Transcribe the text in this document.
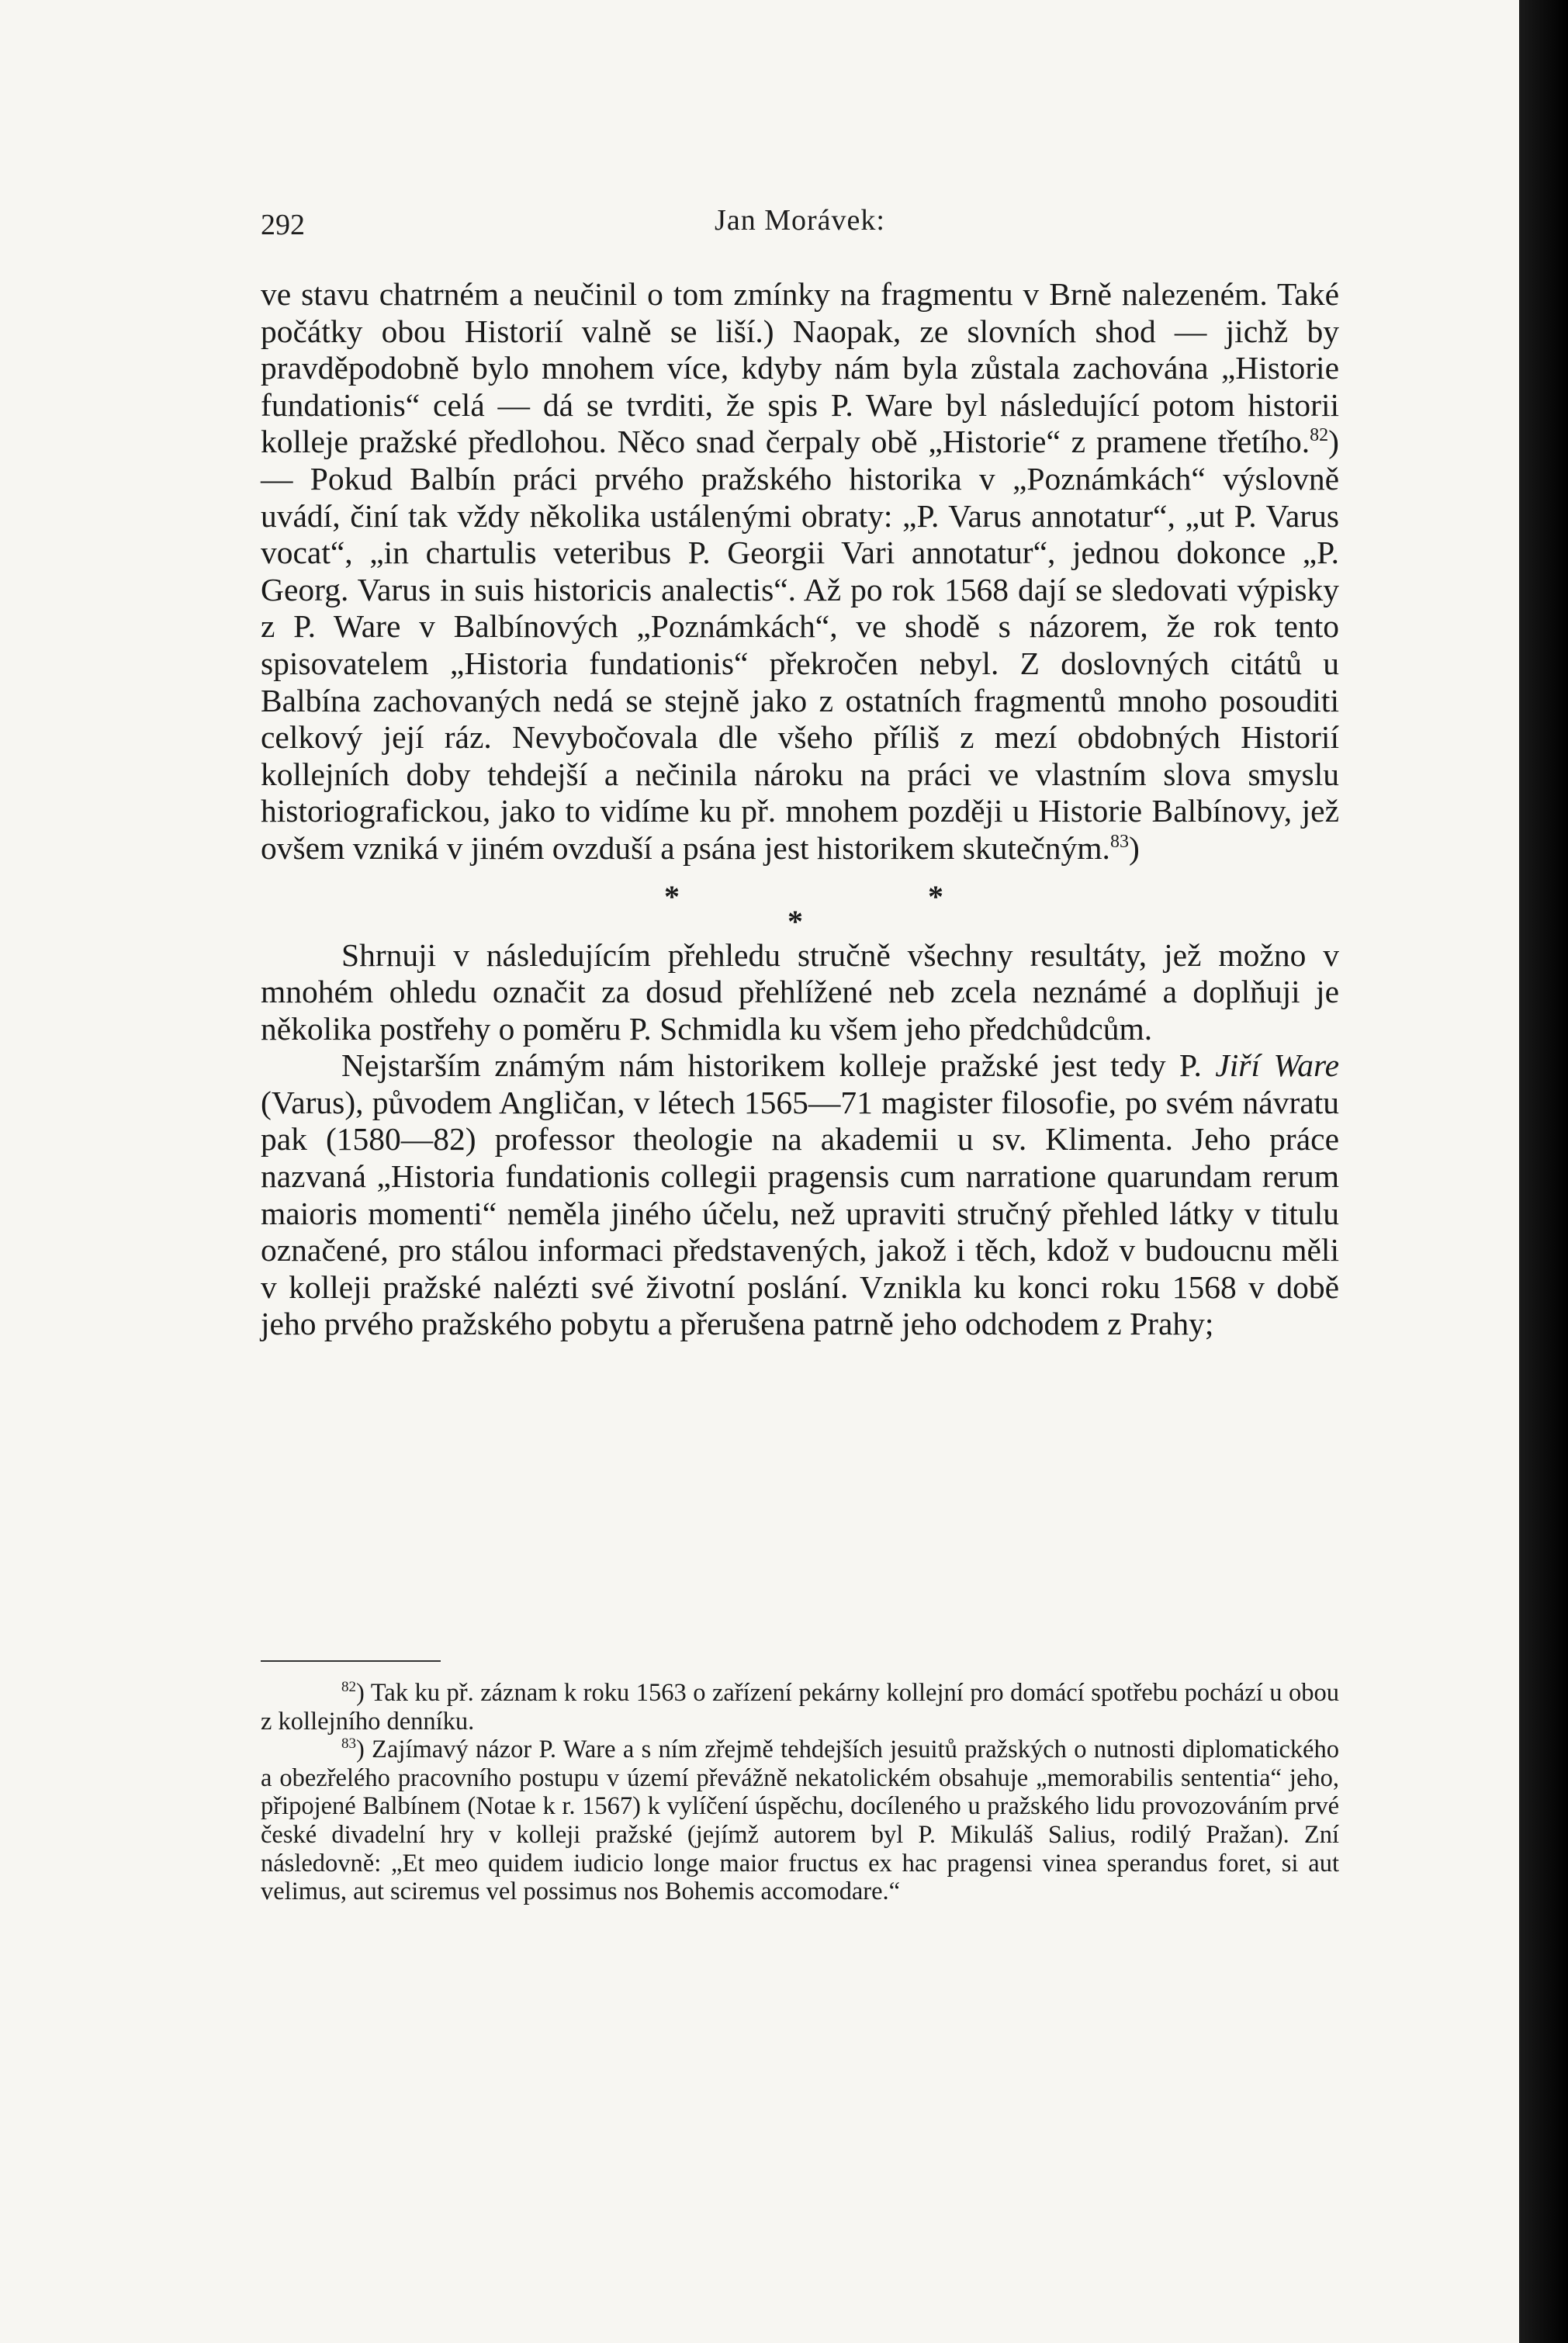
292	Jan Morávek:

ve stavu chatrném a neučinil o tom zmínky na fragmentu v Brně nalezeném. Také počátky obou Historií valně se liší.) Naopak, ze slovních shod — jichž by pravděpodobně bylo mnohem více, kdyby nám byla zůstala zachována „Historie fundationis“ celá — dá se tvrditi, že spis P. Ware byl následující potom historii kolleje pražské předlohou. Něco snad čerpaly obě „Historie“ z pramene třetího.$^{82}$) — Pokud Balbín práci prvého pražského historika v „Poznámkách“ výslovně uvádí, činí tak vždy několika ustálenými obraty: „P. Varus annotatur“, „ut P. Varus vocat“, „in chartulis veteribus P. Georgii Vari annotatur“, jednou dokonce „P. Georg. Varus in suis historicis analectis“. Až po rok 1568 dají se sledovati výpisky z P. Ware v Balbínových „Poznámkách“, ve shodě s názorem, že rok tento spisovatelem „Historia fundationis“ překročen nebyl. Z doslovných citátů u Balbína zachovaných nedá se stejně jako z ostatních fragmentů mnoho posouditi celkový její ráz. Nevybočovala dle všeho příliš z mezí obdobných Historií kollejních doby tehdejší a nečinila nároku na práci ve vlastním slova smyslu historiografickou, jako to vidíme ku př. mnohem později u Historie Balbínovy, jež ovšem vzniká v jiném ovzduší a psána jest historikem skutečným.$^{83}$)

*
*
*

Shrnuji v následujícím přehledu stručně všechny resultáty, jež možno v mnohém ohledu označit za dosud přehlížené neb zcela neznámé a doplňuji je několika postřehy o poměru P. Schmidla ku všem jeho předchůdcům.

Nejstarším známým nám historikem kolleje pražské jest tedy P. Jiří Ware (Varus), původem Angličan, v létech 1565—71 magister filosofie, po svém návratu pak (1580—82) professor theologie na akademii u sv. Klimenta. Jeho práce nazvaná „Historia fundationis collegii pragensis cum narratione quarundam rerum maioris momenti“ neměla jiného účelu, než upraviti stručný přehled látky v titulu označené, pro stálou informaci představených, jakož i těch, kdož v budoucnu měli v kolleji pražské nalézti své životní poslání. Vznikla ku konci roku 1568 v době jeho prvého pražského pobytu a přerušena patrně jeho odchodem z Prahy;

$^{82}$) Tak ku př. záznam k roku 1563 o zařízení pekárny kollejní pro domácí spotřebu pochází u obou z kollejního denníku.

$^{83}$) Zajímavý názor P. Ware a s ním zřejmě tehdejších jesuitů pražských o nutnosti diplomatického a obezřelého pracovního postupu v území převážně nekatolickém obsahuje „memorabilis sententia“ jeho, připojené Balbínem (Notae k r. 1567) k vylíčení úspěchu, docíleného u pražského lidu provozováním prvé české divadelní hry v kolleji pražské (jejímž autorem byl P. Mikuláš Salius, rodilý Pražan). Zní následovně: „Et meo quidem iudicio longe maior fructus ex hac pragensi vinea sperandus foret, si aut velimus, aut sciremus vel possimus nos Bohemis accomodare.“
